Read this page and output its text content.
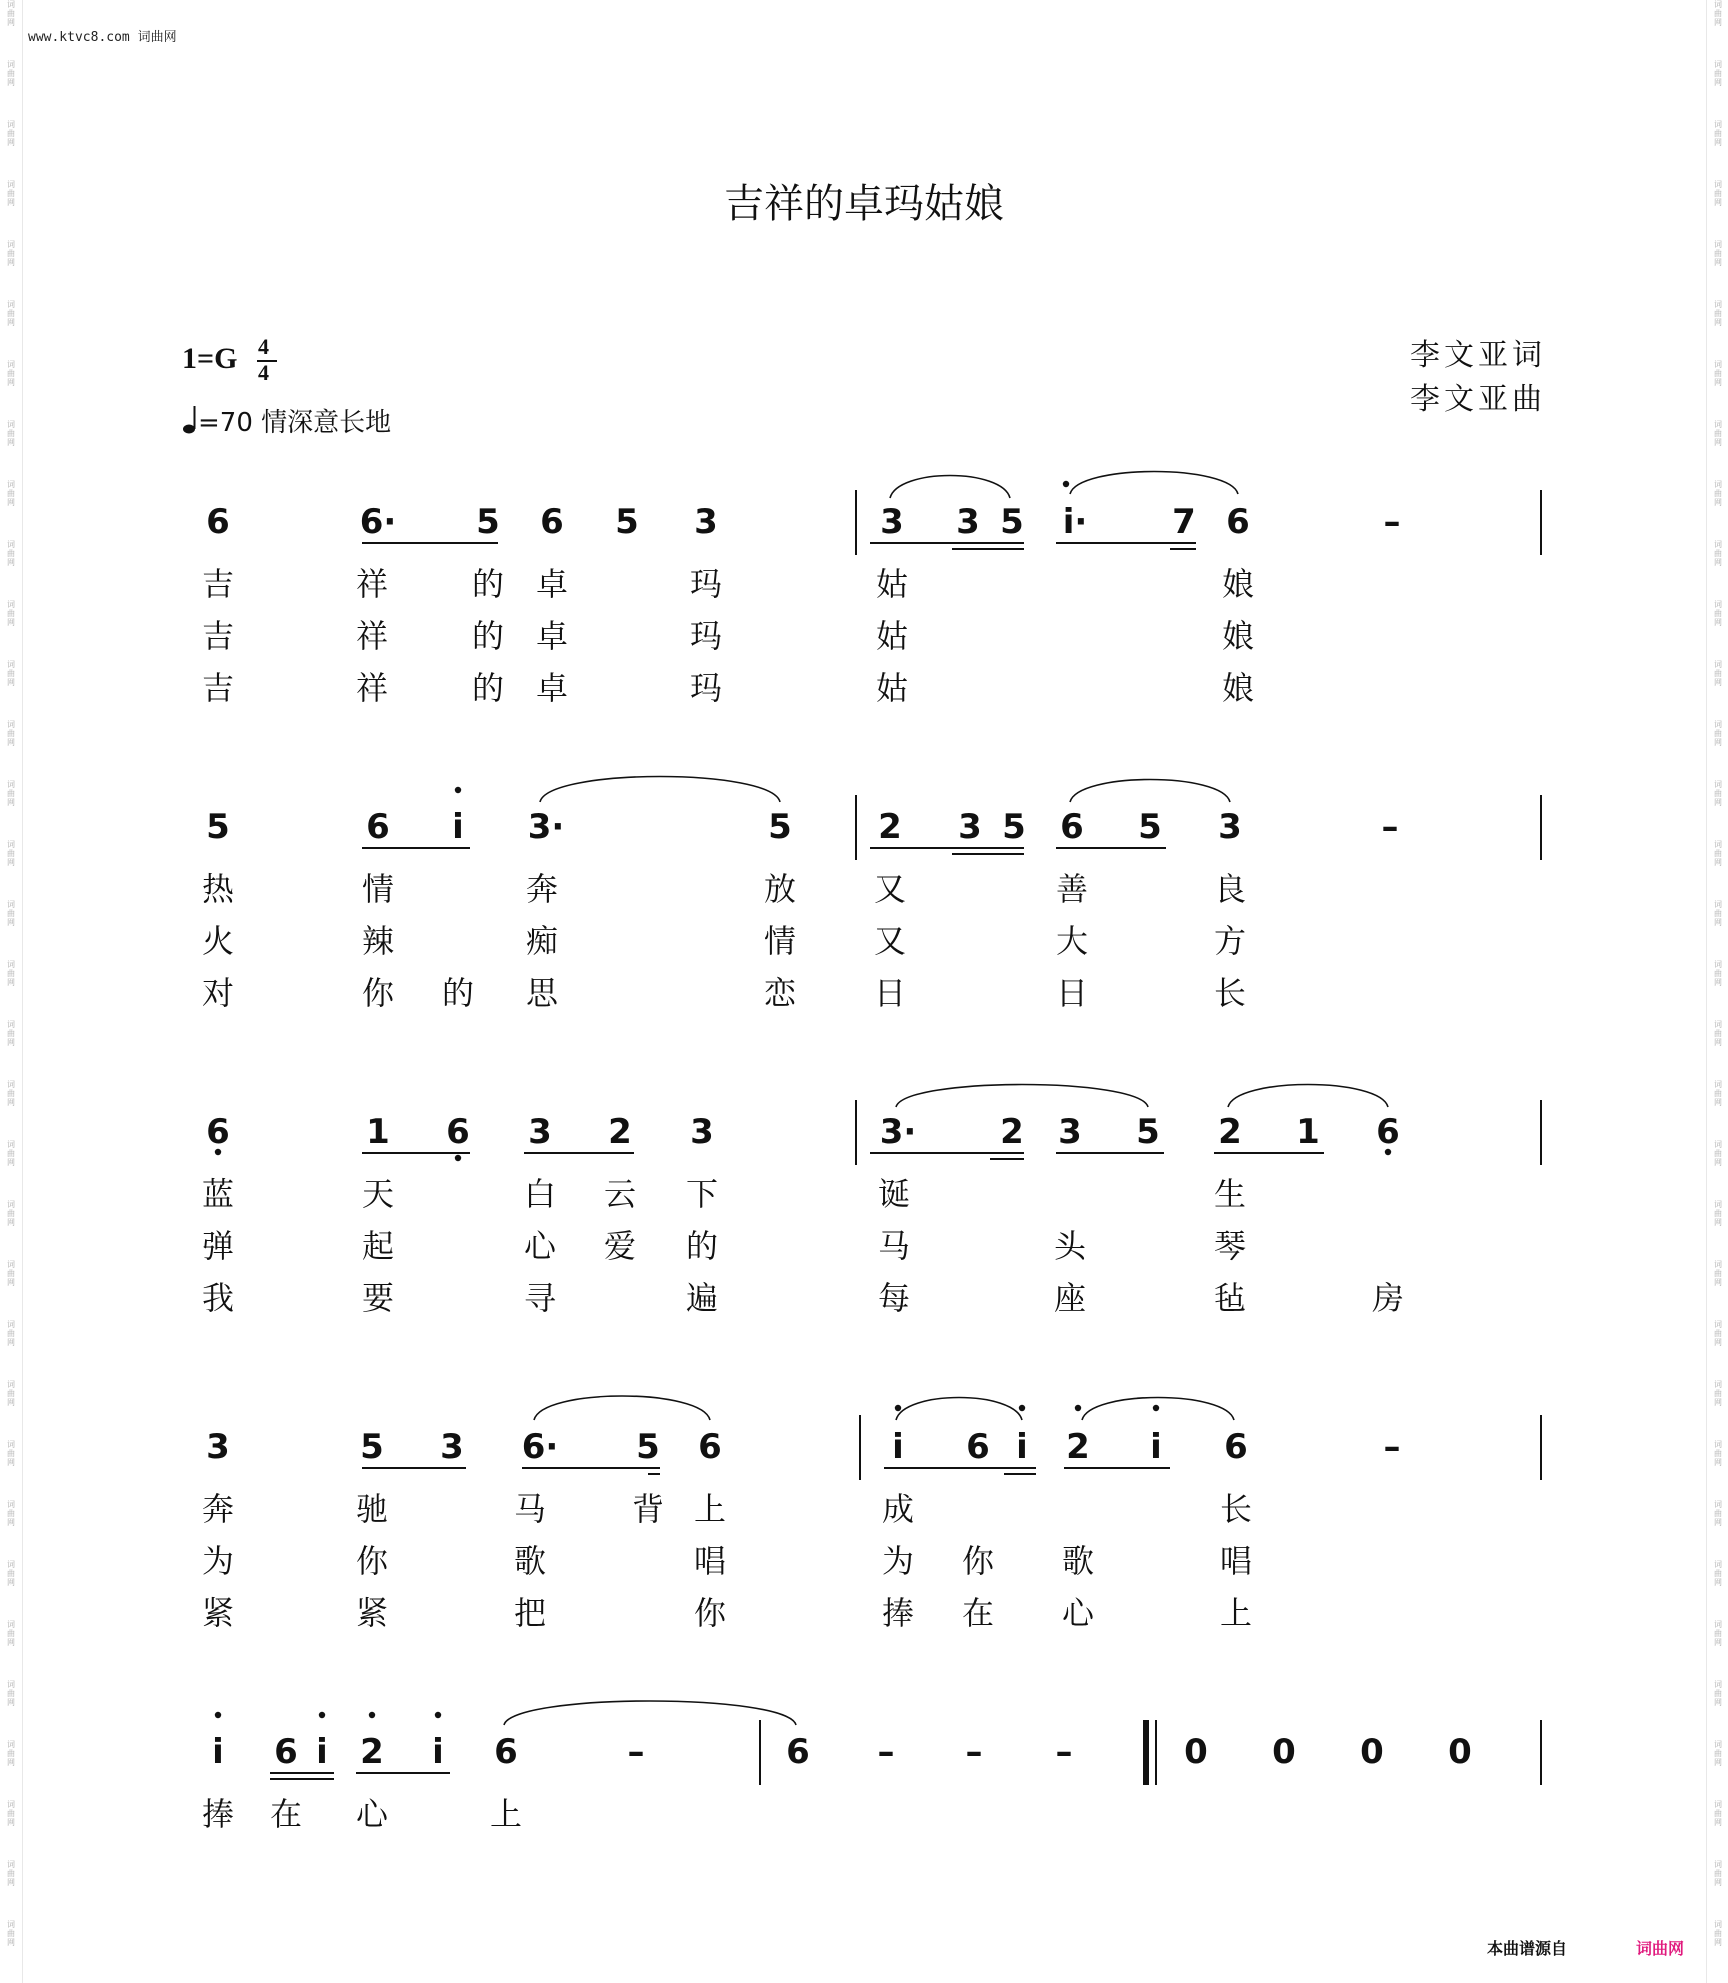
词
曲
网
词
曲
网
词
曲
网
词
曲
网
词
曲
网
词
曲
网
词
曲
网
词
曲
网
词
曲
网
词
曲
网
词
曲
网
词
曲
网
词
曲
网
词
曲
网
词
曲
网
词
曲
网
词
曲
网
词
曲
网
词
曲
网
词
曲
网
词
曲
网
词
曲
网
词
曲
网
词
曲
网
词
曲
网
词
曲
网
词
曲
网
词
曲
网
词
曲
网
词
曲
网
词
曲
网
词
曲
网
词
曲
网
词
曲
网
词
曲
网
词
曲
网
词
曲
网
词
曲
网
词
曲
网
词
曲
网
词
曲
网
词
曲
网
词
曲
网
词
曲
网
词
曲
网
词
曲
网
词
曲
网
词
曲
网
词
曲
网
词
曲
网
词
曲
网
词
曲
网
词
曲
网
词
曲
网
词
曲
网
词
曲
网
词
曲
网
词
曲
网
词
曲
网
词
曲
网
词
曲
网
词
曲
网
词
曲
网
词
曲
网
词
曲
网
词
曲
网
www.ktvc8.com 词曲网
吉祥的卓玛姑娘
李文亚词
李文亚曲
1=G 4
4
=70 情深意长地
6	6· 5 6 5 3	3 3 5 i· 7 6	–
吉	祥	的 卓	玛	姑	娘
吉	祥	的 卓	玛	姑	娘
吉	祥	的 卓	玛	姑	娘
5	6 i 3·	5	2 3 5 6 5 3	–
热	情	奔	放 又	善	良
火	辣	痴	情 又	大	方
对	你 的 思	恋 日	日	长
6	1 6 3 2 3	3· 2 3 5 2 1 6
蓝	天	白 云 下	诞	生
弹	起	心 爱 的	马	头	琴
我	要	寻	遍	每	座	毡	房
3	5 3 6· 5 6	i 6 i 2 i 6	–
奔	驰	马	背 上	成	长
为	你	歌	唱	为 你 歌	唱
紧	紧	把	你	捧 在 心	上
i 6 i 2 i 6	–	6 – – –	0 0 0 0
捧 在 心	上
本曲谱源自	词曲网
